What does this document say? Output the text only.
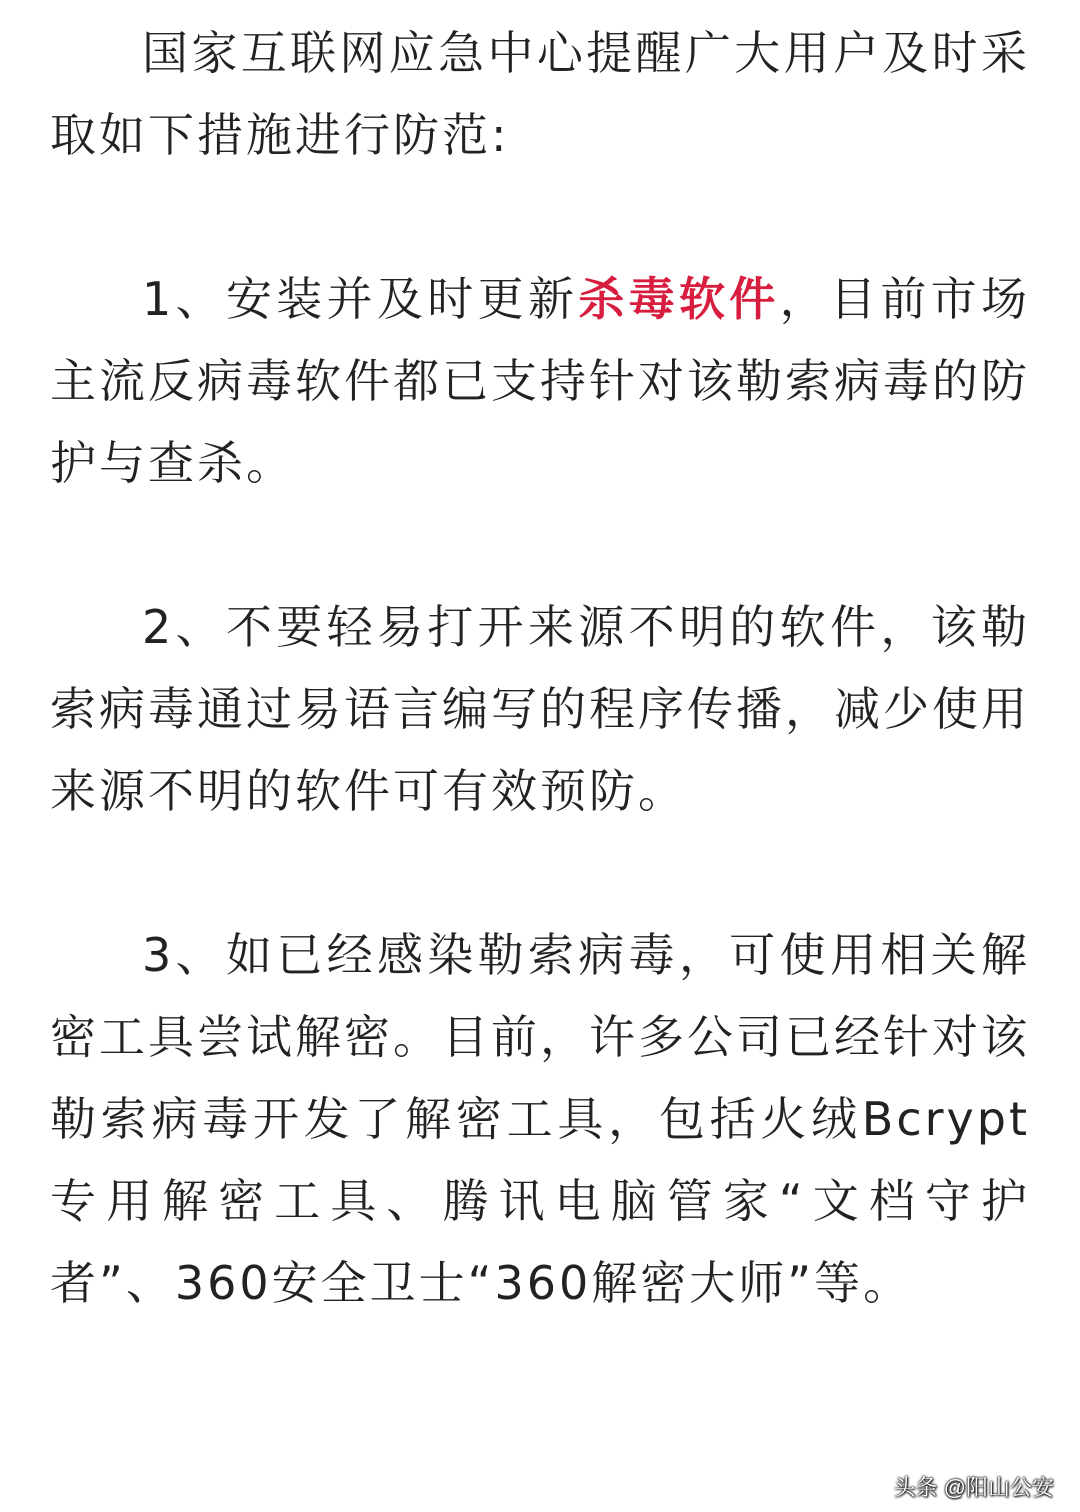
国家互联网应急中心提醒广大用户及时采取如下措施进行防范:

1、安装并及时更新杀毒软件，目前市场主流反病毒软件都已支持针对该勒索病毒的防护与查杀。

2、不要轻易打开来源不明的软件，该勒索病毒通过易语言编写的程序传播，减少使用来源不明的软件可有效预防。

3、如已经感染勒索病毒，可使用相关解密工具尝试解密。目前，许多公司已经针对该勒索病毒开发了解密工具，包括火绒Bcrypt专用解密工具、腾讯电脑管家“文档守护者”、360安全卫士“360解密大师”等。

头条 @阳山公安
